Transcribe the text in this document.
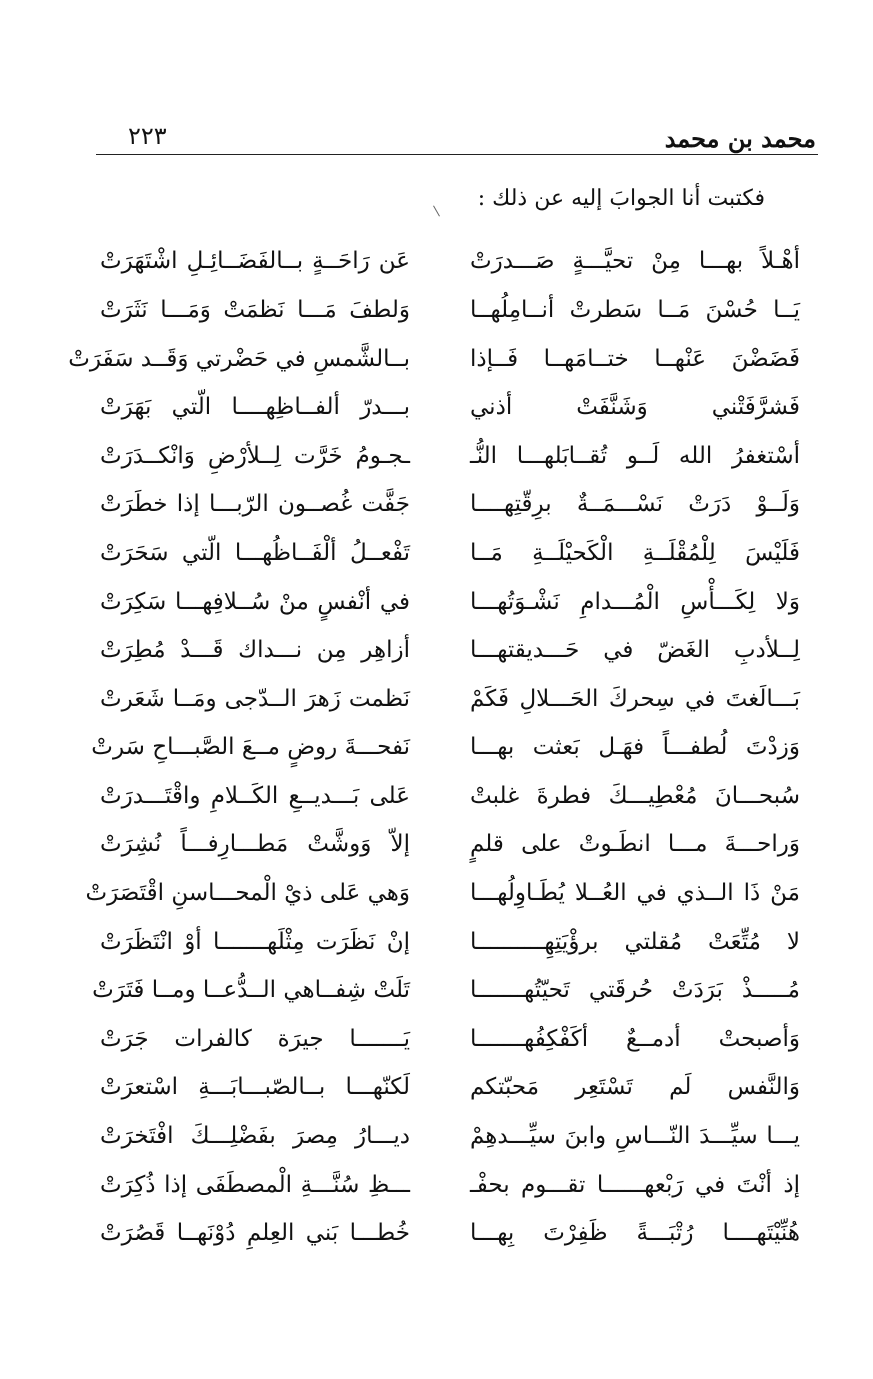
محمد بن محمد
٢٢٣
فكتبت أنا الجوابَ إليه عن ذلك :
أهْـلاً بهـــا مِنْ تحيَّـــةٍ صَـــدرَتْ
عَن رَاحَــةٍ بــالفَضَــائِـلِ اشْتَهَرَتْ
يَــا حُسْنَ مَــا سَطرتْ أنــامِلُهــا
وَلطفَ مَـــا نَظمَتْ وَمَـــا نَثَرَتْ
فَضَضْنَ عَنْهــا ختــامَهــا فَــإذا
بــالشَّمسِ في حَضْرتي وَقَــد سَفَرَتْ
فَشرَّفَتْني وَشَنَّفَتْ أذني
بـــدرّ ألفــاظِهــــا الّتي بَهَرَتْ
أسْتغفرُ الله لَــو تُقــابَلهـــا النُّـ
ـجـومُ خَرَّت لِــلأرْضِ وَانْكــدَرَتْ
وَلَــوْ دَرَتْ نَسْـــمَــةٌ برِقّتِهــــا
جَفَّت غُصــون الرّبـــا إذا خطَرَتْ
فَلَيْسَ لِلْمُقْلَــةِ الْكَحيْلَــةِ مَــا
تَفْعــلُ ألْفَــاظُهـــا الّتي سَحَرَتْ
وَلا لِكَـــأْسِ الْمُـــدامِ نَشْـوَتُهـــا
في أنْفسٍ منْ سُــلافِهـــا سَكِرَتْ
لِــلأدبِ الغَضّ في حَـــديقتهـــا
أزاهِر مِن نـــداك قَـــدْ مُطِرَتْ
بَـــالَغتَ في سِحركَ الحَـــلالِ فَكَمْ
نَظمت زَهرَ الــدّجى ومَــا شَعَرتْ
وَزدْتَ لُطفـــاً فهَـل بَعثت بهـــا
نَفحـــةَ روضٍ مــعَ الصَّبـــاحِ سَرتْ
سُبحـــانَ مُعْطِيـــكَ فطرةَ غلبتْ
عَلى بَـــديــعِ الكَــلامِ واقْتَـــدرَتْ
وَراحـــةَ مـــا انطَـوتْ على قلمٍ
إلاّ وَوشَّتْ مَطـــارِفـــاً نُشِرَتْ
مَنْ ذَا الــذي في العُــلا يُطَـاوِلُهـــا
وَهي عَلى ذيْ الْمحـــاسنِ اقْتَصَرَتْ
لا مُتِّعَتْ مُقلتي برؤْيَتِهِــــــــــا
إنْ نَظَرَت مِثْلَهـــــــا أوْ انْتَظَرَتْ
مُـــــذْ بَرَدَتْ حُرقَتي تَحيّتُهـــــــا
تَلَتْ شِفــاهي الــدُّعــا ومــا فَتَرَتْ
وَأصبحتْ أدمــعٌ أكَفْكِفُهـــــــا
يَـــــــا جيرَة كالفرات جَرَتْ
وَالنَّفس لَم تَسْتَعِر مَحبّتكم
لَكنّهـــا بــالصّبـــابَـــةِ اسْتعرَتْ
يـــا سيِّـــدَ النّـــاسِ وابنَ سيِّـــدهِمْ
ديـــارُ مِصرَ بفَضْلِـــكَ افْتَخرَتْ
إذ أنْتَ في رَبْعهــــــا تقـــوم بحفْـ
ـــظِ سُنَّـــةِ الْمصطَفَى إذا ذُكِرَتْ
هُنِّيْتَهــــا رُتْبَـــةً ظَفِرْتَ بِهـــا
خُطـــا بَني العِلمِ دُوْنَهــا قَصُرَتْ
